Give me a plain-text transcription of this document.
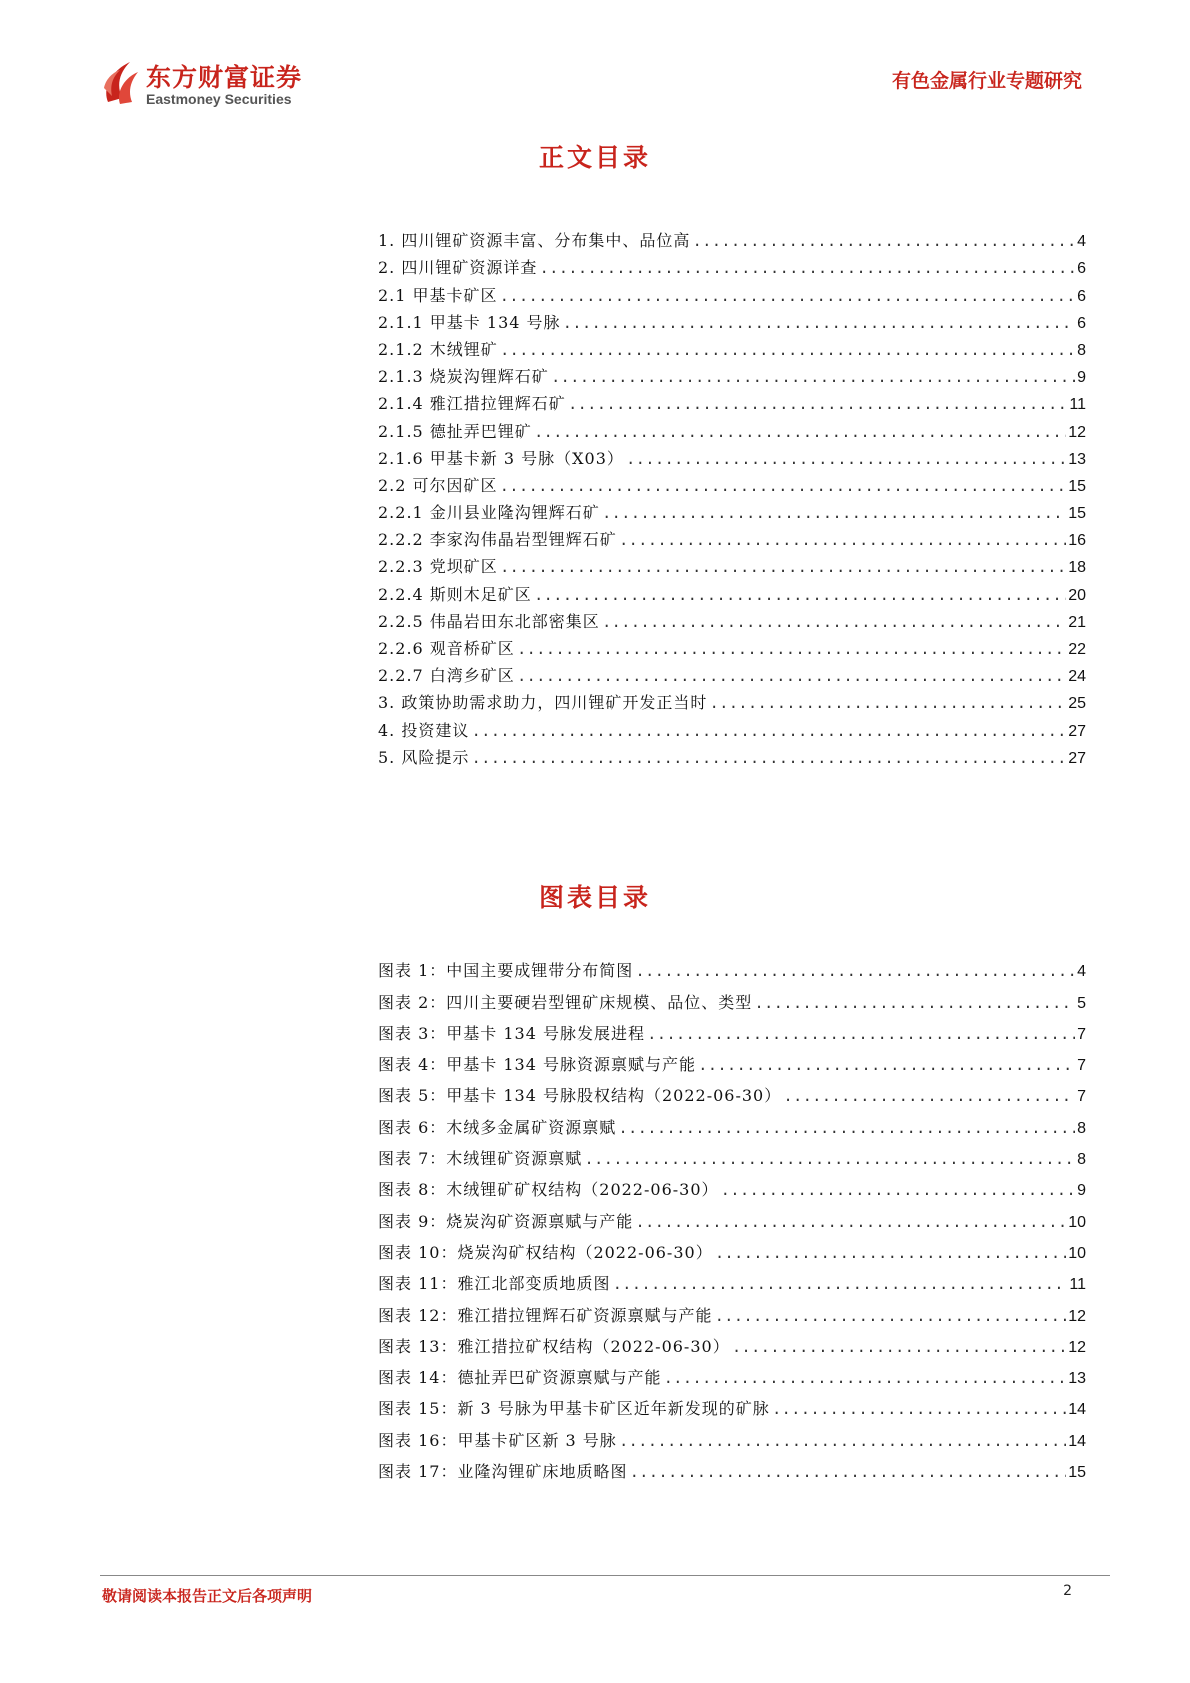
东方财富证券
Eastmoney Securities
有色金属行业专题研究
正文目录
1. 四川锂矿资源丰富、分布集中、品位高 .....	4
2. 四川锂矿资源详查 .....	6
2.1 甲基卡矿区 .....	6
2.1.1 甲基卡 134 号脉 .....	6
2.1.2 木绒锂矿 .....	8
2.1.3 烧炭沟锂辉石矿 .....	9
2.1.4 雅江措拉锂辉石矿 .....	11
2.1.5 德扯弄巴锂矿 .....	12
2.1.6 甲基卡新 3 号脉（X03） .....	13
2.2 可尔因矿区 .....	15
2.2.1 金川县业隆沟锂辉石矿 .....	15
2.2.2 李家沟伟晶岩型锂辉石矿 .....	16
2.2.3 党坝矿区 .....	18
2.2.4 斯则木足矿区 .....	20
2.2.5 伟晶岩田东北部密集区 .....	21
2.2.6 观音桥矿区 .....	22
2.2.7 白湾乡矿区 .....	24
3. 政策协助需求助力，四川锂矿开发正当时 .....	25
4. 投资建议 .....	27
5. 风险提示 .....	27
图表目录
图表 1：中国主要成锂带分布简图 .....	4
图表 2：四川主要硬岩型锂矿床规模、品位、类型 .....	5
图表 3：甲基卡 134 号脉发展进程 .....	7
图表 4：甲基卡 134 号脉资源禀赋与产能 .....	7
图表 5：甲基卡 134 号脉股权结构（2022-06-30） .....	7
图表 6：木绒多金属矿资源禀赋 .....	8
图表 7：木绒锂矿资源禀赋 .....	8
图表 8：木绒锂矿矿权结构（2022-06-30） .....	9
图表 9：烧炭沟矿资源禀赋与产能 .....	10
图表 10：烧炭沟矿权结构（2022-06-30） .....	10
图表 11：雅江北部变质地质图 .....	11
图表 12：雅江措拉锂辉石矿资源禀赋与产能 .....	12
图表 13：雅江措拉矿权结构（2022-06-30） .....	12
图表 14：德扯弄巴矿资源禀赋与产能 .....	13
图表 15：新 3 号脉为甲基卡矿区近年新发现的矿脉 .....	14
图表 16：甲基卡矿区新 3 号脉 .....	14
图表 17：业隆沟锂矿床地质略图 .....	15
敬请阅读本报告正文后各项声明	2
